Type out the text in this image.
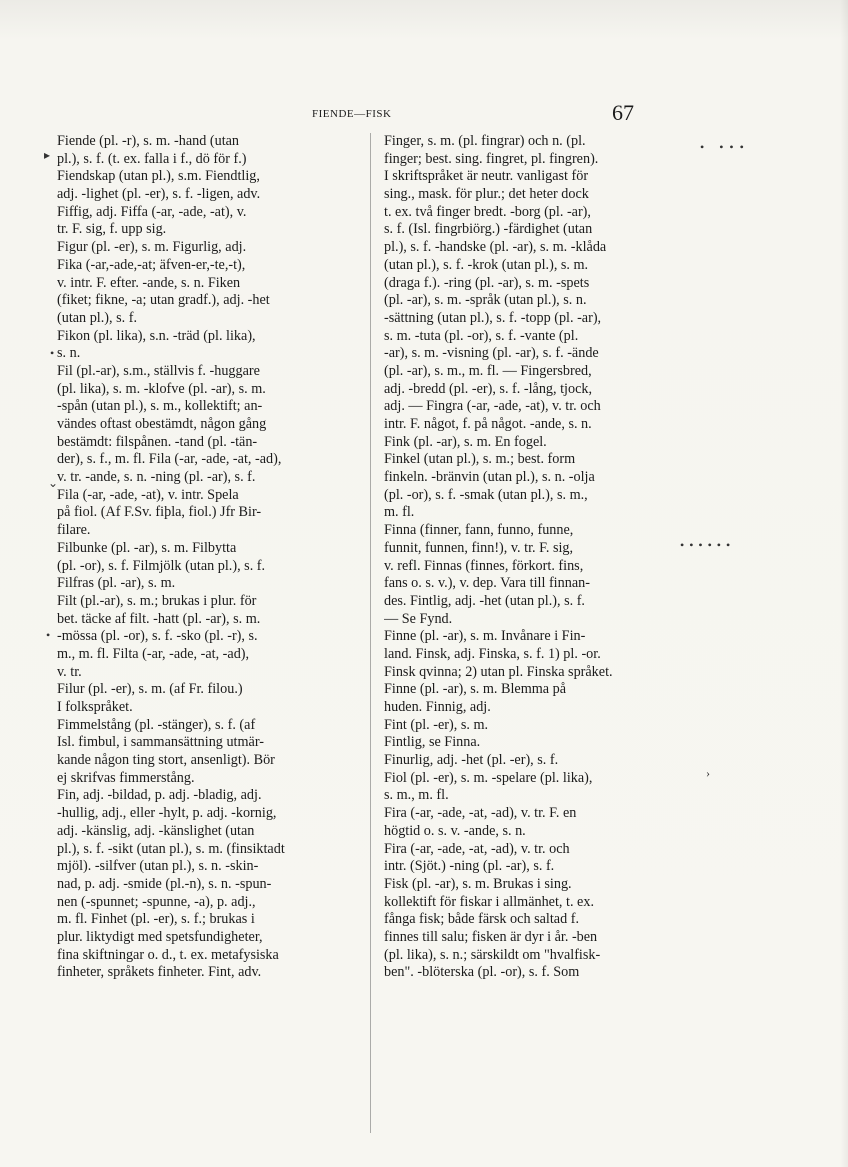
FIENDE—FISK	67
Fiende (pl. -r), s. m. -hand (utan
pl.), s. f. (t. ex. falla i f., dö för f.)
Fiendskap (utan pl.), s.m. Fiendtlig,
adj. -lighet (pl. -er), s. f. -ligen, adv.
Fiffig, adj. Fiffa (-ar, -ade, -at), v.
tr. F. sig, f. upp sig.
Figur (pl. -er), s. m. Figurlig, adj.
Fika (-ar,-ade,-at; äfven-er,-te,-t),
v. intr. F. efter. -ande, s. n. Fiken
(fiket; fikne, -a; utan gradf.), adj. -het
(utan pl.), s. f.
Fikon (pl. lika), s.n. -träd (pl. lika),
s. n.
Fil (pl.-ar), s.m., ställvis f. -huggare
(pl. lika), s. m. -klofve (pl. -ar), s. m.
-spån (utan pl.), s. m., kollektift; an-
vändes oftast obestämdt, någon gång
bestämdt: filspånen. -tand (pl. -tän-
der), s. f., m. fl. Fila (-ar, -ade, -at, -ad),
v. tr. -ande, s. n. -ning (pl. -ar), s. f.
Fila (-ar, -ade, -at), v. intr. Spela
på fiol. (Af F.Sv. fiþla, fiol.) Jfr Bir-
filare.
Filbunke (pl. -ar), s. m. Filbytta
(pl. -or), s. f. Filmjölk (utan pl.), s. f.
Filfras (pl. -ar), s. m.
Filt (pl.-ar), s. m.; brukas i plur. för
bet. täcke af filt. -hatt (pl. -ar), s. m.
-mössa (pl. -or), s. f. -sko (pl. -r), s.
m., m. fl. Filta (-ar, -ade, -at, -ad),
v. tr.
Filur (pl. -er), s. m. (af Fr. filou.)
I folkspråket.
Fimmelstång (pl. -stänger), s. f. (af
Isl. fimbul, i sammansättning utmär-
kande någon ting stort, ansenligt). Bör
ej skrifvas fimmerstång.
Fin, adj. -bildad, p. adj. -bladig, adj.
-hullig, adj., eller -hylt, p. adj. -kornig,
adj. -känslig, adj. -känslighet (utan
pl.), s. f. -sikt (utan pl.), s. m. (finsiktadt
mjöl). -silfver (utan pl.), s. n. -skin-
nad, p. adj. -smide (pl.-n), s. n. -spun-
nen (-spunnet; -spunne, -a), p. adj.,
m. fl. Finhet (pl. -er), s. f.; brukas i
plur. liktydigt med spetsfundigheter,
fina skiftningar o. d., t. ex. metafysiska
finheter, språkets finheter. Fint, adv.
Finger, s. m. (pl. fingrar) och n. (pl.
finger; best. sing. fingret, pl. fingren).
I skriftspråket är neutr. vanligast för
sing., mask. för plur.; det heter dock
t. ex. två finger bredt. -borg (pl. -ar),
s. f. (Isl. fingrbiörg.) -färdighet (utan
pl.), s. f. -handske (pl. -ar), s. m. -klåda
(utan pl.), s. f. -krok (utan pl.), s. m.
(draga f.). -ring (pl. -ar), s. m. -spets
(pl. -ar), s. m. -språk (utan pl.), s. n.
-sättning (utan pl.), s. f. -topp (pl. -ar),
s. m. -tuta (pl. -or), s. f. -vante (pl.
-ar), s. m. -visning (pl. -ar), s. f. -ände
(pl. -ar), s. m., m. fl. — Fingersbred,
adj. -bredd (pl. -er), s. f. -lång, tjock,
adj. — Fingra (-ar, -ade, -at), v. tr. och
intr. F. något, f. på något. -ande, s. n.
Fink (pl. -ar), s. m. En fogel.
Finkel (utan pl.), s. m.; best. form
finkeln. -bränvin (utan pl.), s. n. -olja
(pl. -or), s. f. -smak (utan pl.), s. m.,
m. fl.
Finna (finner, fann, funno, funne,
funnit, funnen, finn!), v. tr. F. sig,
v. refl. Finnas (finnes, förkort. fins,
fans o. s. v.), v. dep. Vara till finnan-
des. Fintlig, adj. -het (utan pl.), s. f.
— Se Fynd.
Finne (pl. -ar), s. m. Invånare i Fin-
land. Finsk, adj. Finska, s. f. 1) pl. -or.
Finsk qvinna; 2) utan pl. Finska språket.
Finne (pl. -ar), s. m. Blemma på
huden. Finnig, adj.
Fint (pl. -er), s. m.
Fintlig, se Finna.
Finurlig, adj. -het (pl. -er), s. f.
Fiol (pl. -er), s. m. -spelare (pl. lika),
s. m., m. fl.
Fira (-ar, -ade, -at, -ad), v. tr. F. en
högtid o. s. v. -ande, s. n.
Fira (-ar, -ade, -at, -ad), v. tr. och
intr. (Sjöt.) -ning (pl. -ar), s. f.
Fisk (pl. -ar), s. m. Brukas i sing.
kollektift för fiskar i allmänhet, t. ex.
fånga fisk; både färsk och saltad f.
finnes till salu; fisken är dyr i år. -ben
(pl. lika), s. n.; särskildt om "hvalfisk-
ben". -blöterska (pl. -or), s. f. Som
▸
•
⌄
•
• •••
••••••
›
